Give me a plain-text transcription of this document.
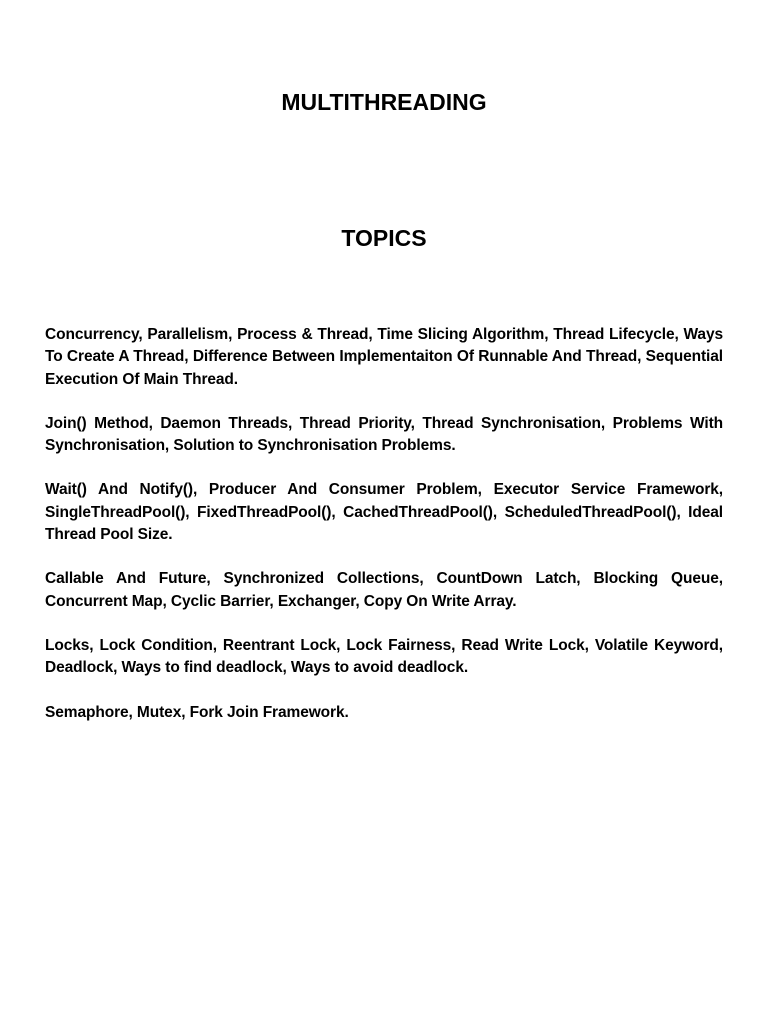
MULTITHREADING
TOPICS

Concurrency, Parallelism, Process & Thread, Time Slicing Algorithm, Thread Lifecycle, Ways To Create A Thread, Difference Between Implementaiton Of Runnable And Thread, Sequential Execution Of Main Thread.

Join() Method, Daemon Threads, Thread Priority, Thread Synchronisation, Problems With Synchronisation, Solution to Synchronisation Problems.

Wait() And Notify(), Producer And Consumer Problem, Executor Service Framework, SingleThreadPool(), FixedThreadPool(), CachedThreadPool(), ScheduledThreadPool(), Ideal Thread Pool Size.

Callable And Future, Synchronized Collections, CountDown Latch, Blocking Queue, Concurrent Map, Cyclic Barrier, Exchanger, Copy On Write Array.

Locks, Lock Condition, Reentrant Lock, Lock Fairness, Read Write Lock, Volatile Keyword, Deadlock, Ways to find deadlock, Ways to avoid deadlock.

Semaphore, Mutex, Fork Join Framework.
